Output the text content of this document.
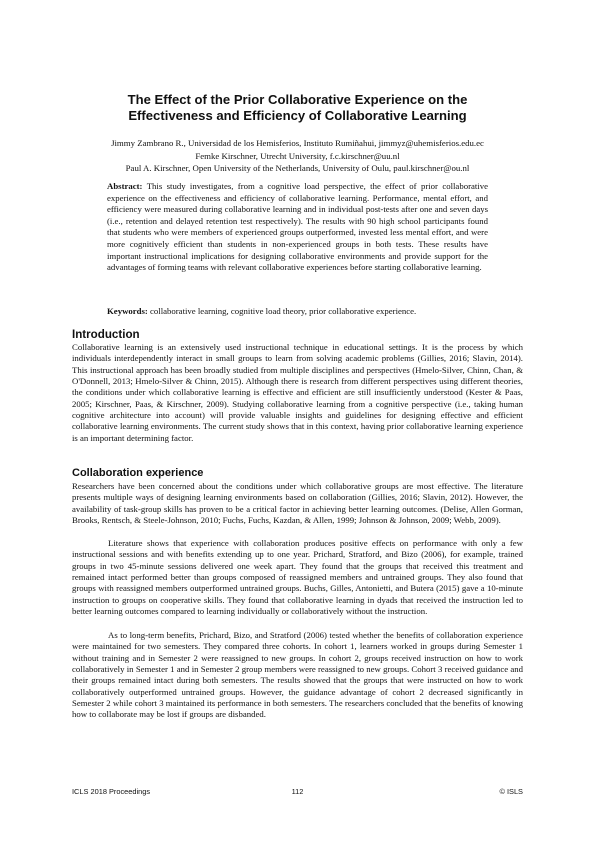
The Effect of the Prior Collaborative Experience on the
Effectiveness and Efficiency of Collaborative Learning
Jimmy Zambrano R., Universidad de los Hemisferios, Instituto Rumiñahui, jimmyz@uhemisferios.edu.ec
Femke Kirschner, Utrecht University, f.c.kirschner@uu.nl
Paul A. Kirschner, Open University of the Netherlands, University of Oulu, paul.kirschner@ou.nl

Abstract: This study investigates, from a cognitive load perspective, the effect of prior collaborative experience on the effectiveness and efficiency of collaborative learning. Performance, mental effort, and efficiency were measured during collaborative learning and in individual post-tests after one and seven days (i.e., retention and delayed retention test respectively). The results with 90 high school participants found that students who were members of experienced groups outperformed, invested less mental effort, and were more cognitively efficient than students in non-experienced groups in both tests. These results have important instructional implications for designing collaborative environments and provide support for the advantages of forming teams with relevant collaborative experiences before starting collaborative learning.

Keywords: collaborative learning, cognitive load theory, prior collaborative experience.

Introduction

Collaborative learning is an extensively used instructional technique in educational settings. It is the process by which individuals interdependently interact in small groups to learn from solving academic problems (Gillies, 2016; Slavin, 2014). This instructional approach has been broadly studied from multiple disciplines and perspectives (Hmelo-Silver, Chinn, Chan, & O'Donnell, 2013; Hmelo-Silver & Chinn, 2015). Although there is research from different perspectives using different theories, the conditions under which collaborative learning is effective and efficient are still insufficiently understood (Kester & Paas, 2005; Kirschner, Paas, & Kirschner, 2009). Studying collaborative learning from a cognitive perspective (i.e., taking human cognitive architecture into account) will provide valuable insights and guidelines for designing effective and efficient collaborative learning environments. The current study shows that in this context, having prior collaborative learning experience is an important determining factor.

Collaboration experience

Researchers have been concerned about the conditions under which collaborative groups are most effective. The literature presents multiple ways of designing learning environments based on collaboration (Gillies, 2016; Slavin, 2012). However, the availability of task-group skills has proven to be a critical factor in achieving better learning outcomes. (Delise, Allen Gorman, Brooks, Rentsch, & Steele-Johnson, 2010; Fuchs, Fuchs, Kazdan, & Allen, 1999; Johnson & Johnson, 2009; Webb, 2009).

Literature shows that experience with collaboration produces positive effects on performance with only a few instructional sessions and with benefits extending up to one year. Prichard, Stratford, and Bizo (2006), for example, trained groups in two 45-minute sessions delivered one week apart. They found that the groups that received this treatment and remained intact performed better than groups composed of reassigned members and untrained groups. They also found that groups with reassigned members outperformed untrained groups. Buchs, Gilles, Antonietti, and Butera (2015) gave a 10-minute instruction to groups on cooperative skills. They found that collaborative learning in dyads that received the instruction led to better learning outcomes compared to learning individually or collaboratively without the instruction.

As to long-term benefits, Prichard, Bizo, and Stratford (2006) tested whether the benefits of collaboration experience were maintained for two semesters. They compared three cohorts. In cohort 1, learners worked in groups during Semester 1 without training and in Semester 2 were reassigned to new groups. In cohort 2, groups received instruction on how to work collaboratively in Semester 1 and in Semester 2 group members were reassigned to new groups. Cohort 3 received guidance and their groups remained intact during both semesters. The results showed that the groups that were instructed on how to work collaboratively outperformed untrained groups. However, the guidance advantage of cohort 2 decreased significantly in Semester 2 while cohort 3 maintained its performance in both semesters. The researchers concluded that the benefits of knowing how to collaborate may be lost if groups are disbanded.

ICLS 2018 Proceedings	112	© ISLS
